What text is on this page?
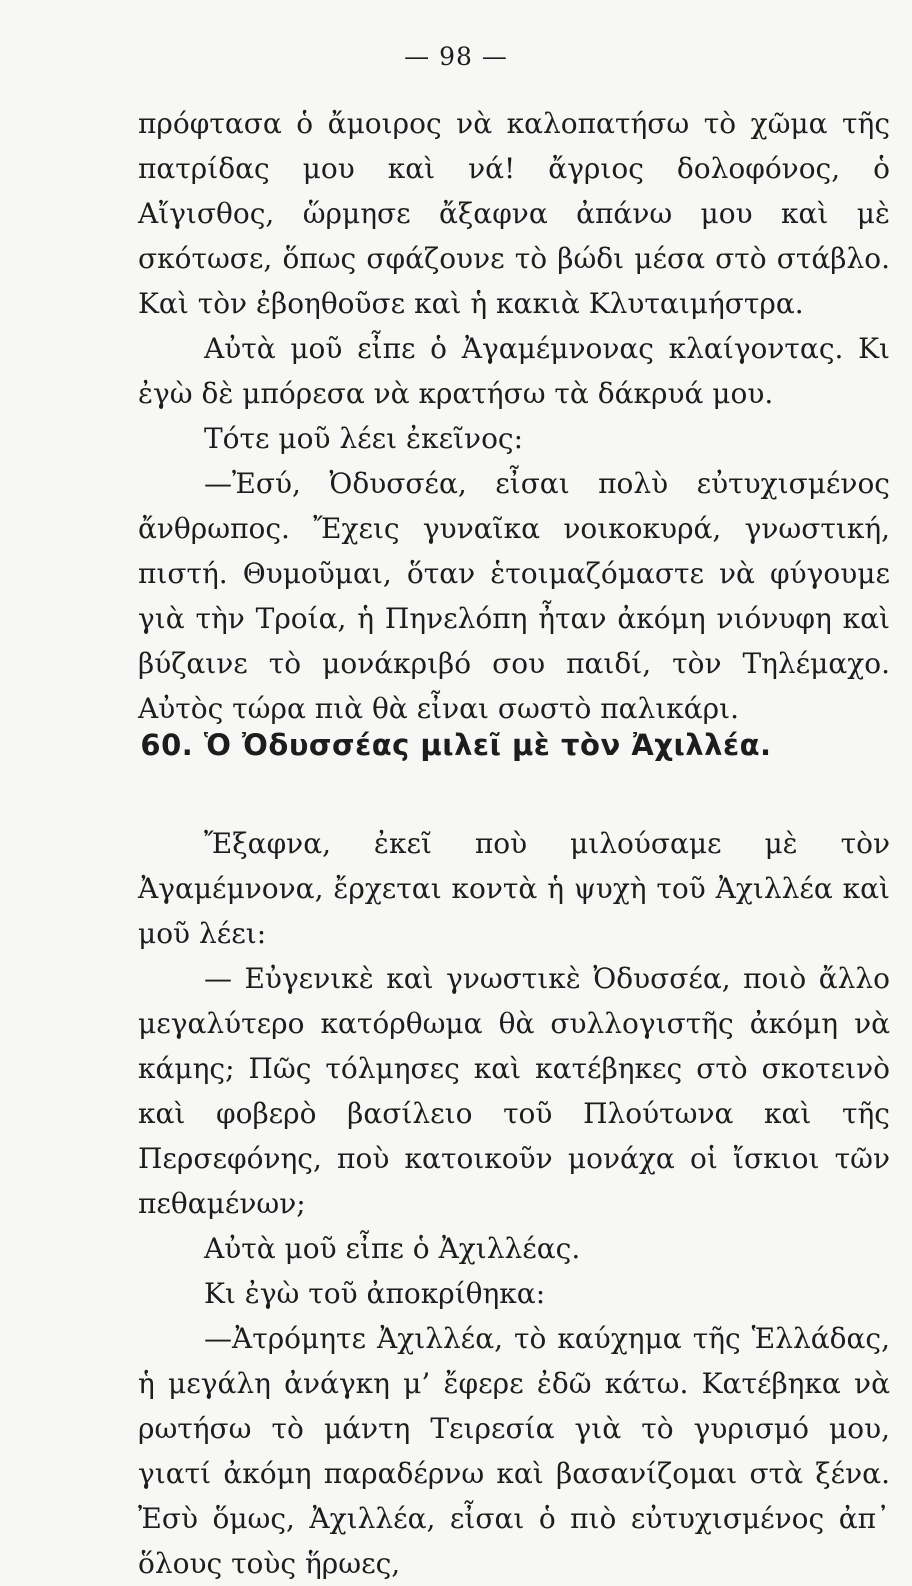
— 98 —

πρόφτασα ὁ ἄμοιρος νὰ καλοπατήσω τὸ χῶμα τῆς πατρίδας μου καὶ νά! ἄγριος δολοφόνος, ὁ Αἴγισθος, ὥρμησε ἄξαφνα ἀπάνω μου καὶ μὲ σκότωσε, ὅπως σφάζουνε τὸ βώδι μέσα στὸ στάβλο. Καὶ τὸν ἐβοηθοῦσε καὶ ἡ κακιὰ Κλυταιμήστρα.

Αὐτὰ μοῦ εἶπε ὁ Ἀγαμέμνονας κλαίγοντας. Κι ἐγὼ δὲ μπόρεσα νὰ κρατήσω τὰ δάκρυά μου.

Τότε μοῦ λέει ἐκεῖνος:

—Ἐσύ, Ὀδυσσέα, εἶσαι πολὺ εὐτυχισμένος ἄνθρωπος. Ἔχεις γυναῖκα νοικοκυρά, γνωστική, πιστή. Θυμοῦμαι, ὅταν ἑτοιμαζόμαστε νὰ φύγουμε γιὰ τὴν Τροία, ἡ Πηνελόπη ἦταν ἀκόμη νιόνυφη καὶ βύζαινε τὸ μονάκριβό σου παιδί, τὸν Τηλέμαχο. Αὐτὸς τώρα πιὰ θὰ εἶναι σωστὸ παλικάρι.

60. Ὁ Ὀδυσσέας μιλεῖ μὲ τὸν Ἀχιλλέα.

Ἔξαφνα, ἐκεῖ ποὺ μιλούσαμε μὲ τὸν Ἀγαμέμνονα, ἔρχεται κοντὰ ἡ ψυχὴ τοῦ Ἀχιλλέα καὶ μοῦ λέει:

— Εὐγενικὲ καὶ γνωστικὲ Ὀδυσσέα, ποιὸ ἄλλο μεγαλύτερο κατόρθωμα θὰ συλλογιστῆς ἀκόμη νὰ κάμης; Πῶς τόλμησες καὶ κατέβηκες στὸ σκοτεινὸ καὶ φοβερὸ βασίλειο τοῦ Πλούτωνα καὶ τῆς Περσεφόνης, ποὺ κατοικοῦν μονάχα οἱ ἴσκιοι τῶν πεθαμένων;

Αὐτὰ μοῦ εἶπε ὁ Ἀχιλλέας.

Κι ἐγὼ τοῦ ἀποκρίθηκα:

—Ἀτρόμητε Ἀχιλλέα, τὸ καύχημα τῆς Ἑλλάδας, ἡ μεγάλη ἀνάγκη μ’ ἔφερε ἐδῶ κάτω. Κατέβηκα νὰ ρωτήσω τὸ μάντη Τειρεσία γιὰ τὸ γυρισμό μου, γιατί ἀκόμη παραδέρνω καὶ βασανίζομαι στὰ ξένα. Ἐσὺ ὅμως, Ἀχιλλέα, εἶσαι ὁ πιὸ εὐτυχισμένος ἀπ᾽ ὅλους τοὺς ἥρωες,
